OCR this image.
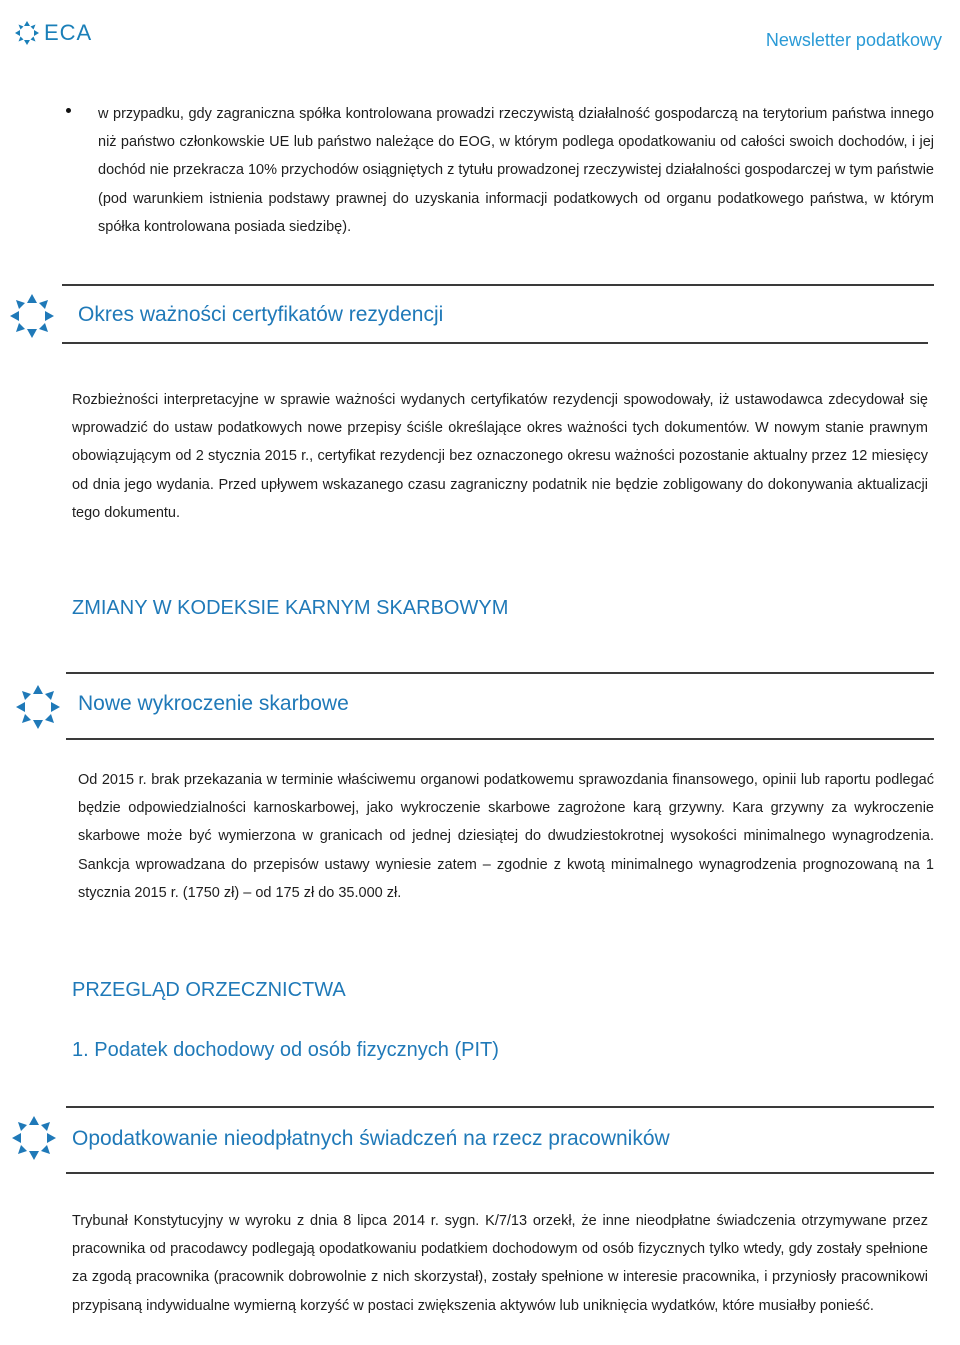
ECA	Newsletter podatkowy
w przypadku, gdy zagraniczna spółka kontrolowana prowadzi rzeczywistą działalność gospodarczą na terytorium państwa innego niż państwo członkowskie UE lub państwo należące do EOG, w którym podlega opodatkowaniu od całości swoich dochodów, i jej dochód nie przekracza 10% przychodów osiągniętych z tytułu prowadzonej rzeczywistej działalności gospodarczej w tym państwie (pod warunkiem istnienia podstawy prawnej do uzyskania informacji podatkowych od organu podatkowego państwa, w którym spółka kontrolowana posiada siedzibę).
Okres ważności certyfikatów rezydencji
Rozbieżności interpretacyjne w sprawie ważności wydanych certyfikatów rezydencji spowodowały, iż ustawodawca zdecydował się wprowadzić do ustaw podatkowych nowe przepisy ściśle określające okres ważności tych dokumentów. W nowym stanie prawnym obowiązującym od 2 stycznia 2015 r., certyfikat rezydencji bez oznaczonego okresu ważności pozostanie aktualny przez 12 miesięcy od dnia jego wydania. Przed upływem wskazanego czasu zagraniczny podatnik nie będzie zobligowany do dokonywania aktualizacji tego dokumentu.
ZMIANY W KODEKSIE KARNYM SKARBOWYM
Nowe wykroczenie skarbowe
Od 2015 r. brak przekazania w terminie właściwemu organowi podatkowemu sprawozdania finansowego, opinii lub raportu podlegać będzie odpowiedzialności karnoskarbowej, jako wykroczenie skarbowe zagrożone karą grzywny. Kara grzywny za wykroczenie skarbowe może być wymierzona w granicach od jednej dziesiątej do dwudziestokrotnej wysokości minimalnego wynagrodzenia. Sankcja wprowadzana do przepisów ustawy wyniesie zatem – zgodnie z kwotą minimalnego wynagrodzenia prognozowaną na 1 stycznia 2015 r. (1750 zł) – od 175 zł do 35.000 zł.
PRZEGLĄD ORZECZNICTWA
1. Podatek dochodowy od osób fizycznych (PIT)
Opodatkowanie nieodpłatnych świadczeń na rzecz pracowników
Trybunał Konstytucyjny w wyroku z dnia 8 lipca 2014 r. sygn. K/7/13 orzekł, że inne nieodpłatne świadczenia otrzymywane przez pracownika od pracodawcy podlegają opodatkowaniu podatkiem dochodowym od osób fizycznych tylko wtedy, gdy zostały spełnione za zgodą pracownika (pracownik dobrowolnie z nich skorzystał), zostały spełnione w interesie pracownika, i przyniosły pracownikowi przypisaną indywidualne wymierną korzyść w postaci zwiększenia aktywów lub uniknięcia wydatków, które musiałby ponieść.
